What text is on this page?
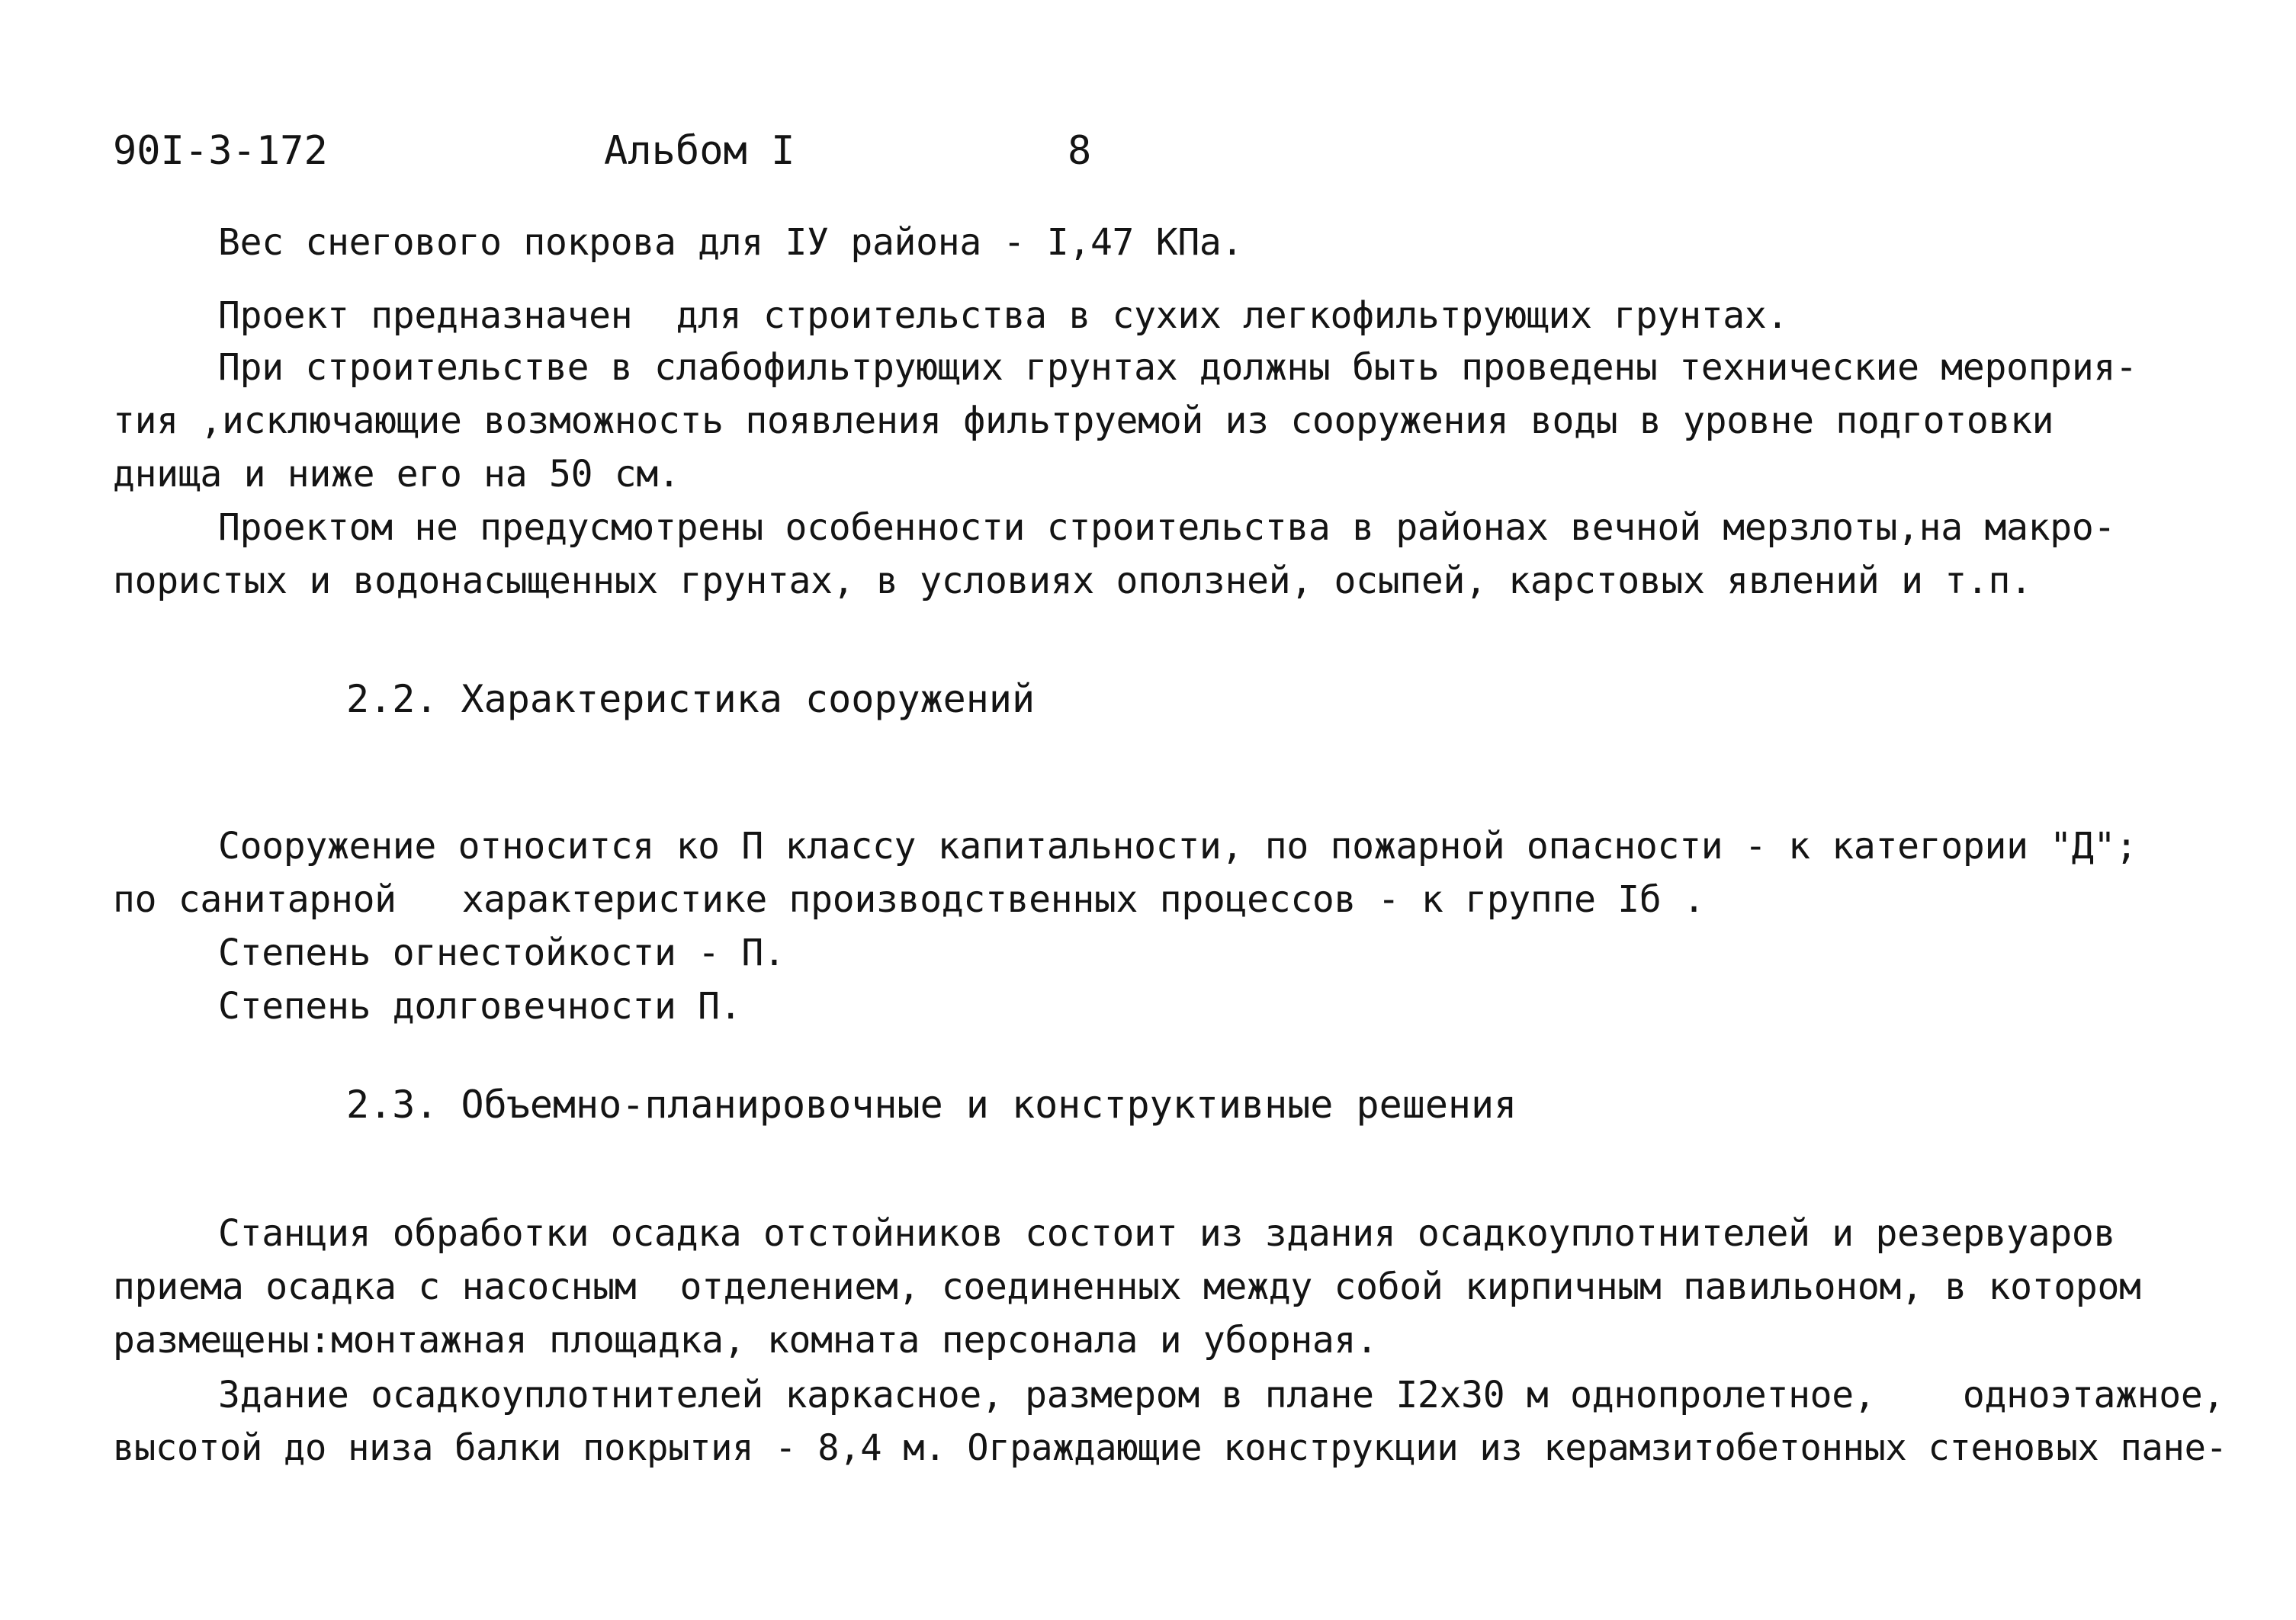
90I-3-172	Альбом I	8
Вес снегового покрова для IУ района - I,47 КПа.
Проект предназначен  для строительства в сухих легкофильтрующих грунтах.
При строительстве в слабофильтрующих грунтах должны быть проведены технические мероприя-
тия ,исключающие возможность появления фильтруемой из сооружения воды в уровне подготовки
днища и ниже его на 50 см.
Проектом не предусмотрены особенности строительства в районах вечной мерзлоты,на макро-
пористых и водонасыщенных грунтах, в условиях оползней, осыпей, карстовых явлений и т.п.
2.2. Характеристика сооружений
Сооружение относится ко П классу капитальности, по пожарной опасности - к категории "Д";
по санитарной   характеристике производственных процессов - к группе Iб .
Степень огнестойкости - П.
Степень долговечности П.
2.3. Объемно-планировочные и конструктивные решения
Станция обработки осадка отстойников состоит из здания осадкоуплотнителей и резервуаров
приема осадка с насосным  отделением, соединенных между собой кирпичным павильоном, в котором
размещены:монтажная площадка, комната персонала и уборная.
Здание осадкоуплотнителей каркасное, размером в плане I2х30 м однопролетное,    одноэтажное,
высотой до низа балки покрытия - 8,4 м. Ограждающие конструкции из керамзитобетонных стеновых пане-
